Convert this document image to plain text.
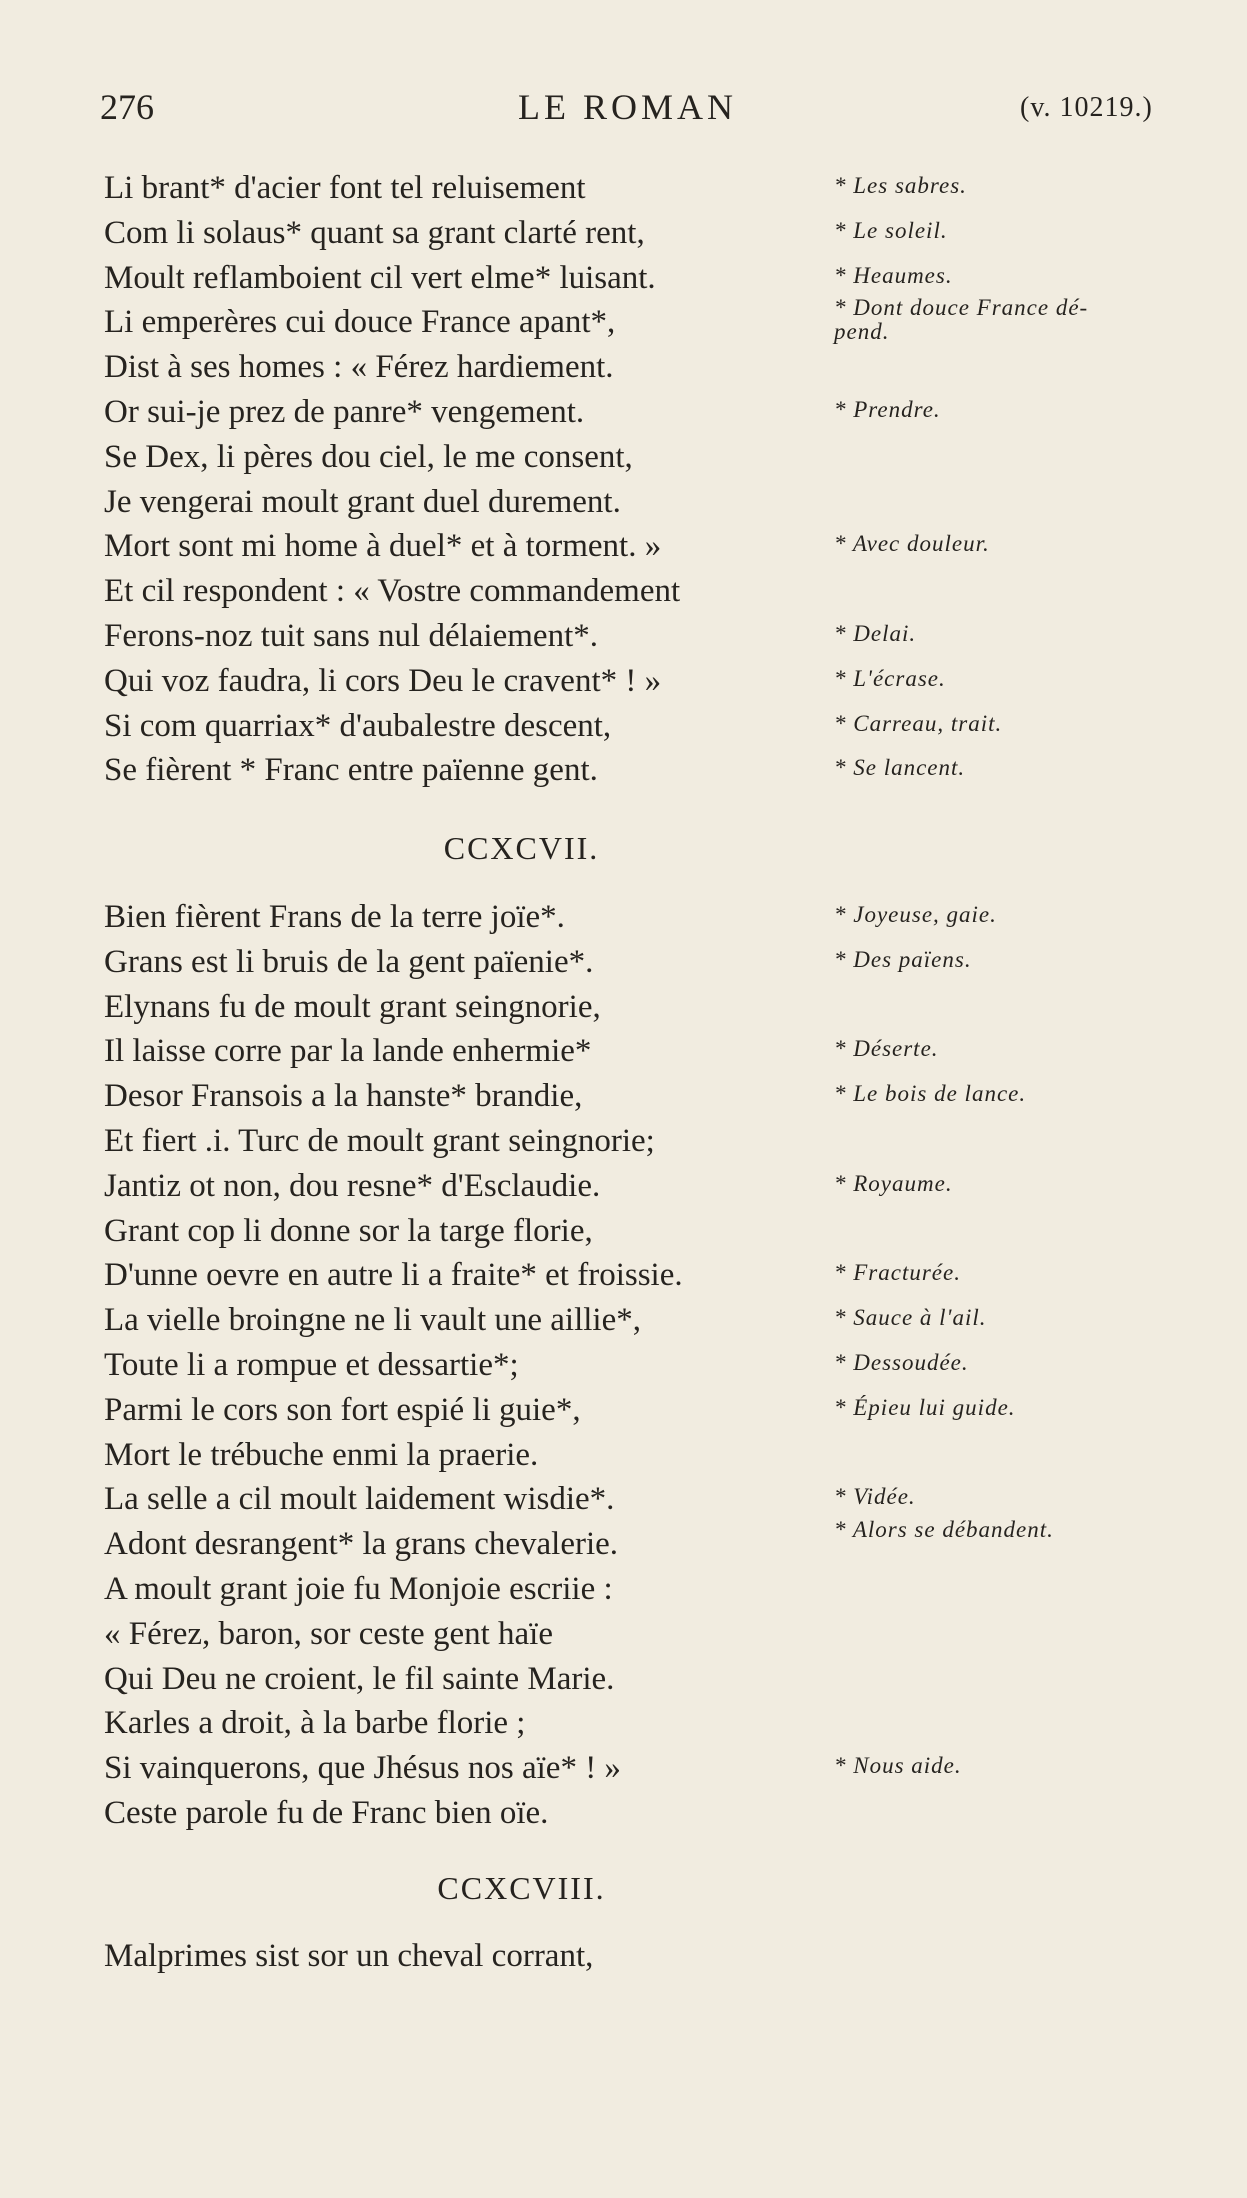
276	LE ROMAN	(v. 10219.)
Li brant* d'acier font tel reluisement	* Les sabres.
Com li solaus* quant sa grant clarté rent,	* Le soleil.
Moult reflamboient cil vert elme* luisant.	* Heaumes.
Li emperères cui douce France apant*,	* Dont douce France dé-pend.
Dist à ses homes : « Férez hardiement.
Or sui-je prez de panre* vengement.	* Prendre.
Se Dex, li pères dou ciel, le me consent,
Je vengerai moult grant duel durement.
Mort sont mi home à duel* et à torment. »	* Avec douleur.
Et cil respondent : « Vostre commandement
Ferons-noz tuit sans nul délaiement*.	* Delai.
Qui voz faudra, li cors Deu le cravent* ! »	* L'écrase.
Si com quarriax* d'aubalestre descent,	* Carreau, trait.
Se fièrent * Franc entre païenne gent.	* Se lancent.
CCXCVII.
Bien fièrent Frans de la terre joïe*.	* Joyeuse, gaie.
Grans est li bruis de la gent païenie*.	* Des païens.
Elynans fu de moult grant seingnorie,
Il laisse corre par la lande enhermie*	* Déserte.
Desor Fransois a la hanste* brandie,	* Le bois de lance.
Et fiert .i. Turc de moult grant seingnorie;
Jantiz ot non, dou resne* d'Esclaudie.	* Royaume.
Grant cop li donne sor la targe florie,
D'unne oevre en autre li a fraite* et froissie.	* Fracturée.
La vielle broingne ne li vault une aillie*,	* Sauce à l'ail.
Toute li a rompue et dessartie*;	* Dessoudée.
Parmi le cors son fort espié li guie*,	* Épieu lui guide.
Mort le trébuche enmi la praerie.
La selle a cil moult laidement wisdie*.	* Vidée.
Adont desrangent* la grans chevalerie.	* Alors se débandent.
A moult grant joie fu Monjoie escriie :
« Férez, baron, sor ceste gent haïe
Qui Deu ne croient, le fil sainte Marie.
Karles a droit, à la barbe florie ;
Si vainquerons, que Jhésus nos aïe* ! »	* Nous aide.
Ceste parole fu de Franc bien oïe.
CCXCVIII.
Malprimes sist sor un cheval corrant,
